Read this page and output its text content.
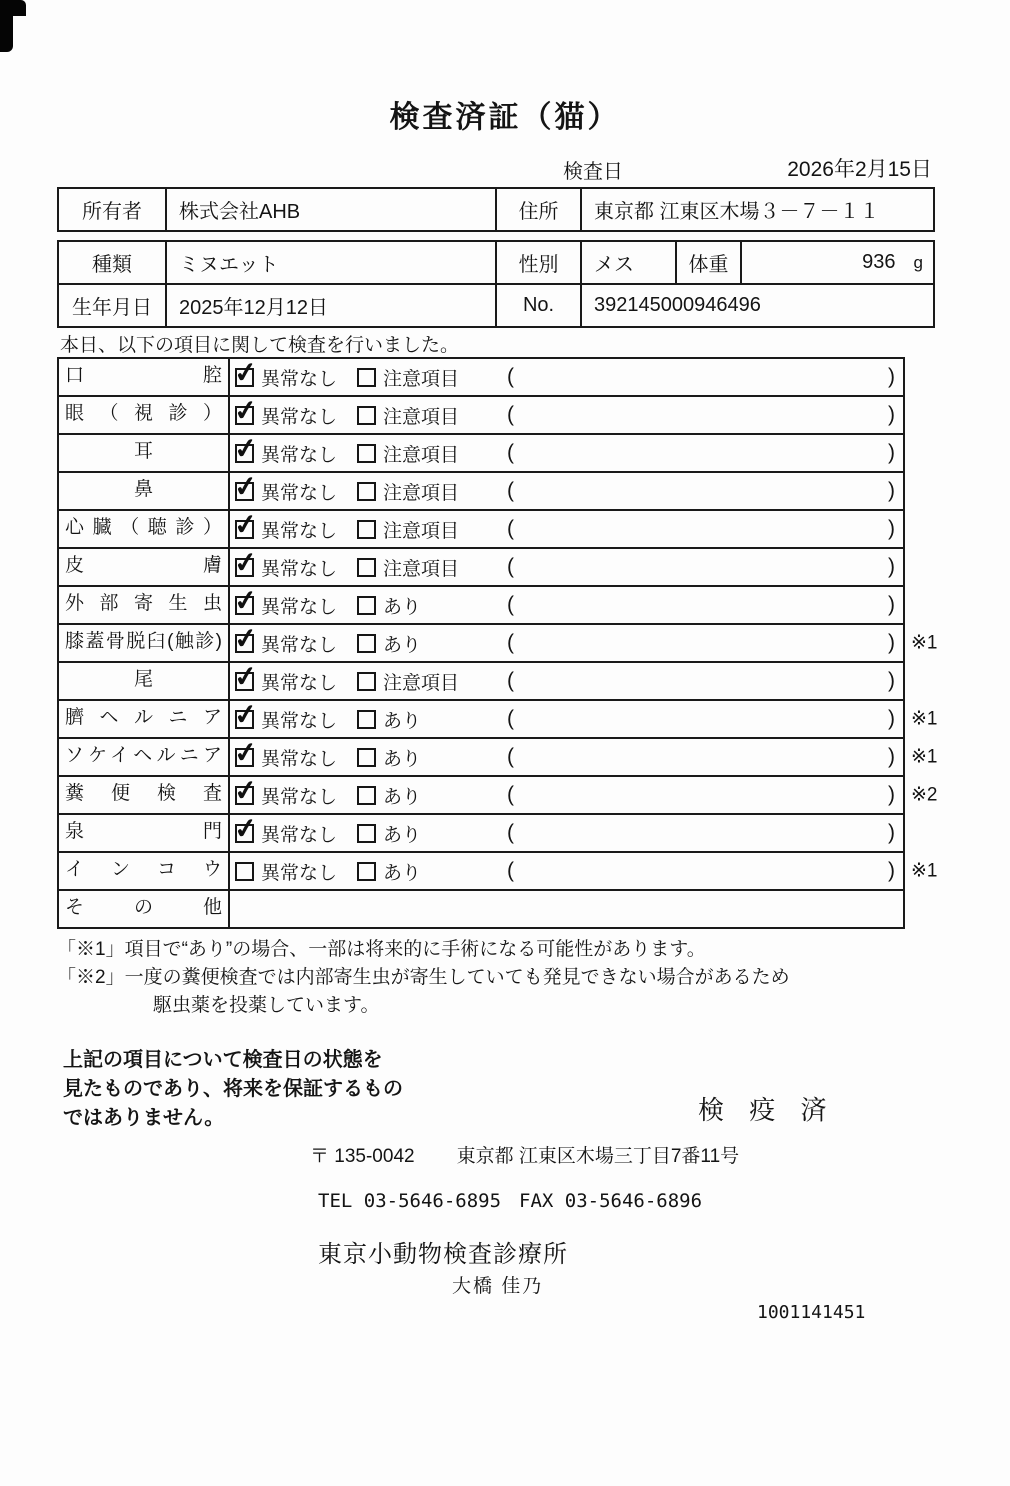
検査済証（猫）
検査日	2026年2月15日
所有者	株式会社AHB	住所	東京都 江東区木場３－７－１１
種類	ミヌエット	性別	メス	体重	936 g
生年月日	2025年12月12日	No.	392145000946496
本日、以下の項目に関して検査を行いました。
口腔 ✓	異常なし 注意項目 (	)
眼（視診） ✓	異常なし 注意項目 (	)
耳 ✓	異常なし 注意項目 (	)
鼻 ✓	異常なし 注意項目 (	)
心臓（聴診） ✓	異常なし 注意項目 (	)
皮膚 ✓	異常なし 注意項目 (	)
外部寄生虫 ✓	異常なし あり	(	)
膝蓋骨脱臼(触診) ✓	異常なし あり	(	) ※1
尾 ✓	異常なし 注意項目 (	)
臍ヘルニア ✓	異常なし あり	(	) ※1
ソケイヘルニア ✓	異常なし あり	(	) ※1
糞便検査 ✓	異常なし あり	(	) ※2
泉門 ✓	異常なし あり	(	)
インコウ	異常なし あり	(	) ※1
その他
「※1」項目で“あり”の場合、一部は将来的に手術になる可能性があります。
「※2」一度の糞便検査では内部寄生虫が寄生していても発見できない場合があるため
駆虫薬を投薬しています。
上記の項目について検査日の状態を
見たものであり、将来を保証するもの
ではありません。	検 疫 済
〒 135-0042 東京都 江東区木場三丁目7番11号
TEL 03-5646-6895 FAX 03-5646-6896
東京小動物検査診療所
大橋 佳乃
1001141451
